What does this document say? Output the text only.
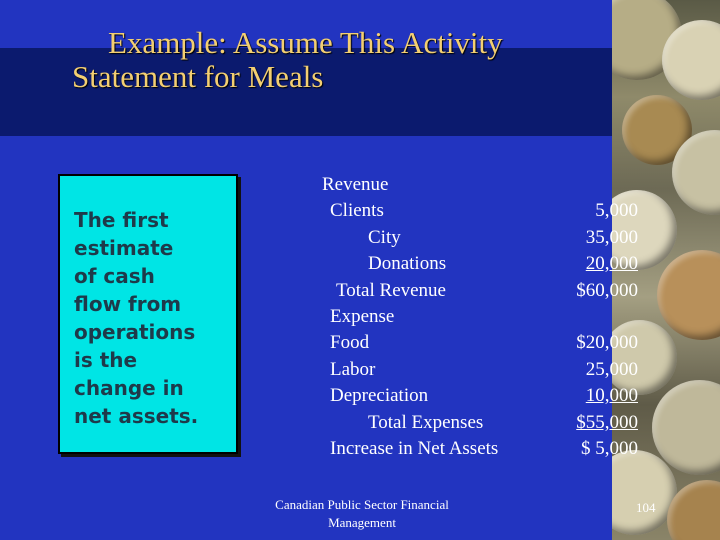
Example: Assume This Activity
Statement for Meals
The first
estimate
of cash
flow from
operations
is the
change in
net assets.
Revenue
Clients	5,000
City	35,000
Donations	20,000
Total Revenue	$60,000
Expense
Food	$20,000
Labor	25,000
Depreciation	10,000
Total Expenses	$55,000
Increase in Net Assets	$ 5,000
Canadian Public Sector Financial
Management
104
